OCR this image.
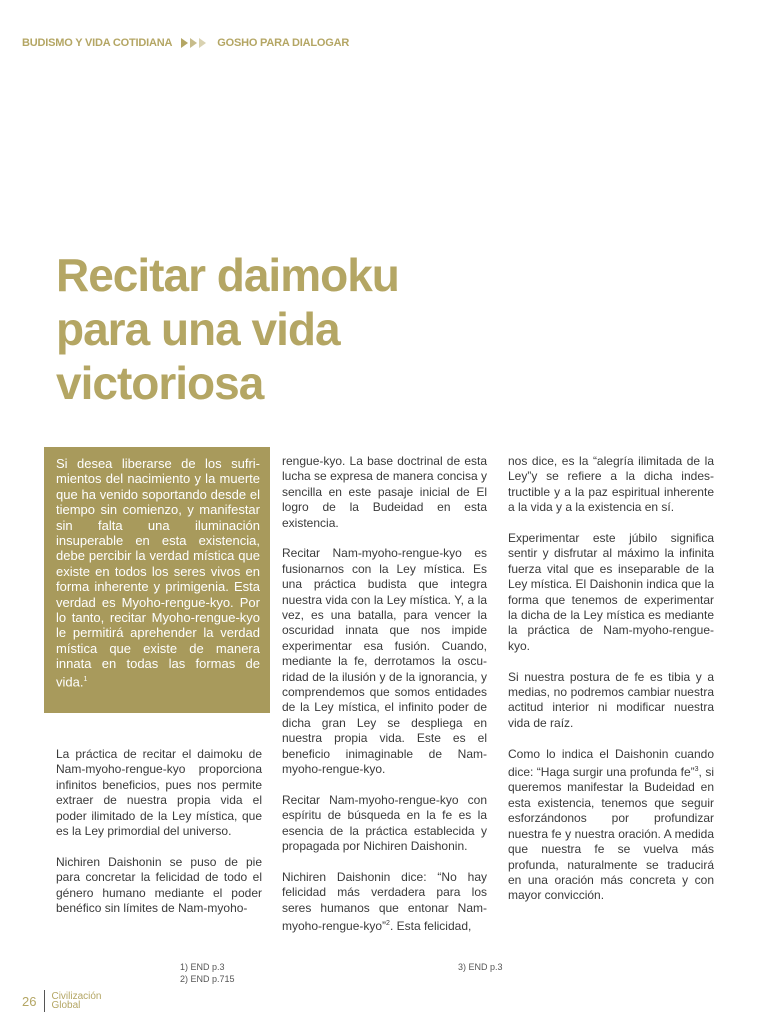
BUDISMO Y VIDA COTIDIANA	GOSHO PARA DIALOGAR
Recitar daimoku
para una vida
victoriosa

Si desea liberarse de los sufrimientos del nacimiento y la muerte que ha venido soportando desde el tiempo sin comienzo, y manifestar sin falta una iluminación insuperable en esta existencia, debe percibir la verdad mística que existe en todos los seres vivos en forma inherente y primigenia. Esta verdad es Myoho-rengue-kyo. Por lo tanto, recitar Myoho-rengue-kyo le permitirá aprehender la verdad mística que existe de manera innata en todas las formas de vida.$^1$

La práctica de recitar el daimoku de Nam-myoho-rengue-kyo proporciona infinitos beneficios, pues nos permite extraer de nuestra propia vida el poder ilimitado de la Ley mística, que es la Ley primordial del universo.

Nichiren Daishonin se puso de pie para concretar la felicidad de todo el género humano mediante el poder benéfico sin límites de Nam-myoho-

rengue-kyo. La base doctrinal de esta lucha se expresa de manera concisa y sencilla en este pasaje inicial de El logro de la Budeidad en esta existencia.

Recitar Nam-myoho-rengue-kyo es fusionarnos con la Ley mística. Es una práctica budista que integra nuestra vida con la Ley mística. Y, a la vez, es una batalla, para vencer la oscuridad innata que nos impide experimentar esa fusión. Cuando, mediante la fe, derrotamos la oscuridad de la ilusión y de la ignorancia, y comprendemos que somos entidades de la Ley mística, el infinito poder de dicha gran Ley se despliega en nuestra propia vida. Este es el beneficio inimaginable de Nam-myoho-rengue-kyo.

Recitar Nam-myoho-rengue-kyo con espíritu de búsqueda en la fe es la esencia de la práctica establecida y propagada por Nichiren Daishonin.

Nichiren Daishonin dice: “No hay felicidad más verdadera para los seres humanos que entonar Nam-myoho-rengue-kyo”$^2$. Esta felicidad,

nos dice, es la “alegría ilimitada de la Ley”y se refiere a la dicha indestructible y a la paz espiritual inherente a la vida y a la existencia en sí.

Experimentar este júbilo significa sentir y disfrutar al máximo la infinita fuerza vital que es inseparable de la Ley mística. El Daishonin indica que la forma que tenemos de experimentar la dicha de la Ley mística es mediante la práctica de Nam-myoho-rengue-kyo.

Si nuestra postura de fe es tibia y a medias, no podremos cambiar nuestra actitud interior ni modificar nuestra vida de raíz.

Como lo indica el Daishonin cuando dice: “Haga surgir una profunda fe”$^3$, si queremos manifestar la Budeidad en esta existencia, tenemos que seguir esforzándonos por profundizar nuestra fe y nuestra oración. A medida que nuestra fe se vuelva más profunda, naturalmente se traducirá en una oración más concreta y con mayor convicción.

1) END p.3
2) END p.715
3) END p.3
26 Civilización
Global
